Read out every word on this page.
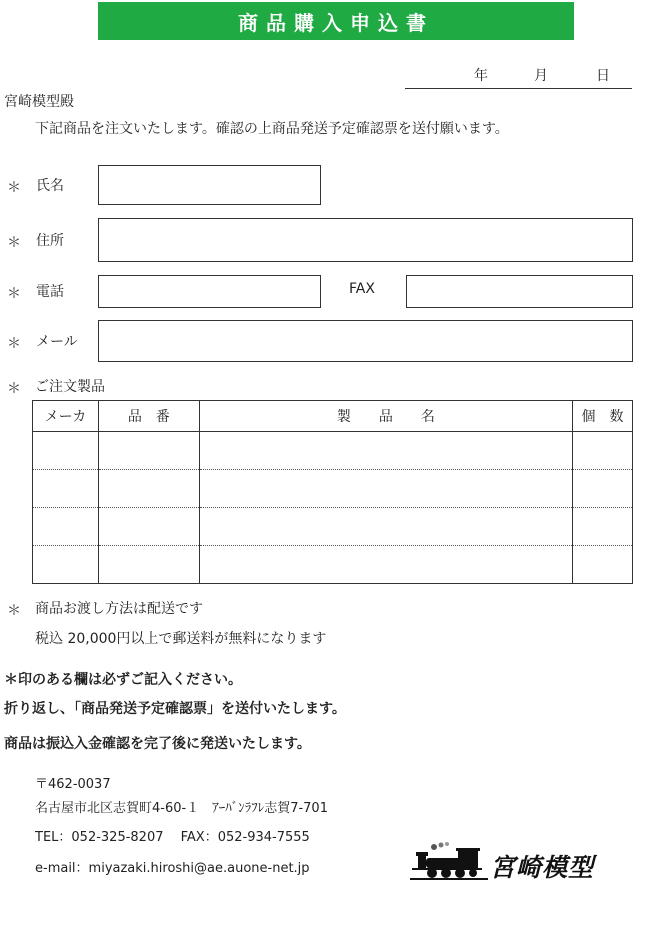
商品購入申込書
年	月	日
宮崎模型殿
下記商品を注文いたします。確認の上商品発送予定確認票を送付願います。
＊ 氏名
＊ 住所
＊ 電話	FAX
＊ メール
＊ ご注文製品
メーカ	品　番	製　　品　　名	個　数

＊ 商品お渡し方法は配送です
税込 20,000円以上で郵送料が無料になります
＊印のある欄は必ずご記入ください。
折り返し、「商品発送予定確認票」を送付いたします。
商品は振込入金確認を完了後に発送いたします。
〒462-0037
名古屋市北区志賀町4-60-１　ｱｰﾊﾞﾝﾗﾌﾚ志賀7-701
TEL：052-325-8207　 FAX：052-934-7555
e-mail：miyazaki.hiroshi@ae.auone-net.jp	宮崎模型
